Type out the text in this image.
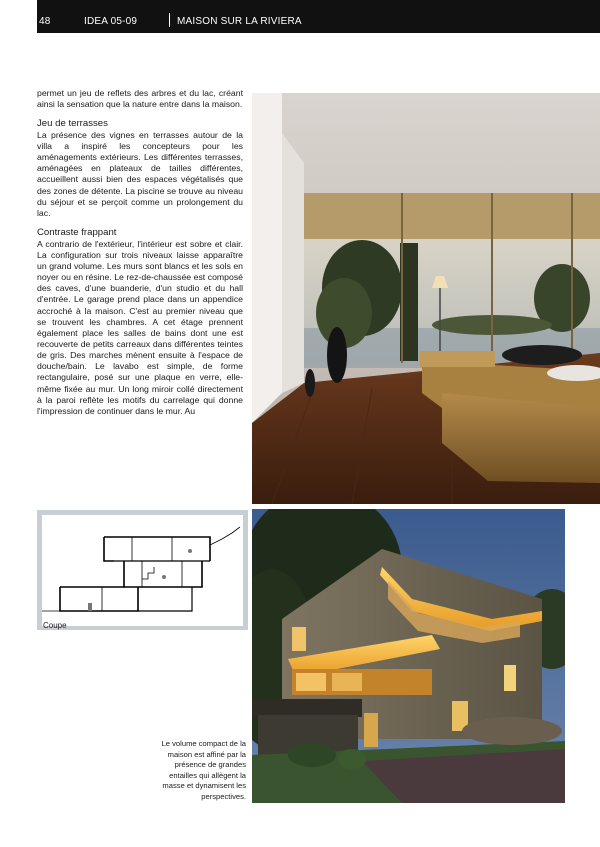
48	IDEA 05-09	MAISON SUR LA RIVIERA

permet un jeu de reflets des arbres et du lac, créant ainsi la sensation que la nature entre dans la maison.

Jeu de terrasses

La présence des vignes en terrasses autour de la villa a inspiré les concepteurs pour les aménagements extérieurs. Les différentes terrasses, aménagées en plateaux de tailles différentes, accueillent aussi bien des espaces végétalisés que des zones de détente. La piscine se trouve au niveau du séjour et se perçoit comme un prolongement du lac.

Contraste frappant

A contrario de l'extérieur, l'intérieur est sobre et clair. La configuration sur trois niveaux laisse apparaître un grand volume. Les murs sont blancs et les sols en noyer ou en résine. Le rez-de-chaussée est composé des caves, d'une buanderie, d'un studio et du hall d'entrée. Le garage prend place dans un appendice accroché à la maison. C'est au premier niveau que se trouvent les chambres. A cet étage prennent également place les salles de bains dont une est recouverte de petits carreaux dans différentes teintes de gris. Des marches mènent ensuite à l'espace de douche/bain. Le lavabo est simple, de forme rectangulaire, posé sur une plaque en verre, elle-même fixée au mur. Un long miroir collé directement à la paroi reflète les motifs du carrelage qui donne l'impression de continuer dans le mur. Au

Coupe
Le volume compact de la maison est affiné par la présence de grandes entailles qui allègent la masse et dynamisent les perspectives.
